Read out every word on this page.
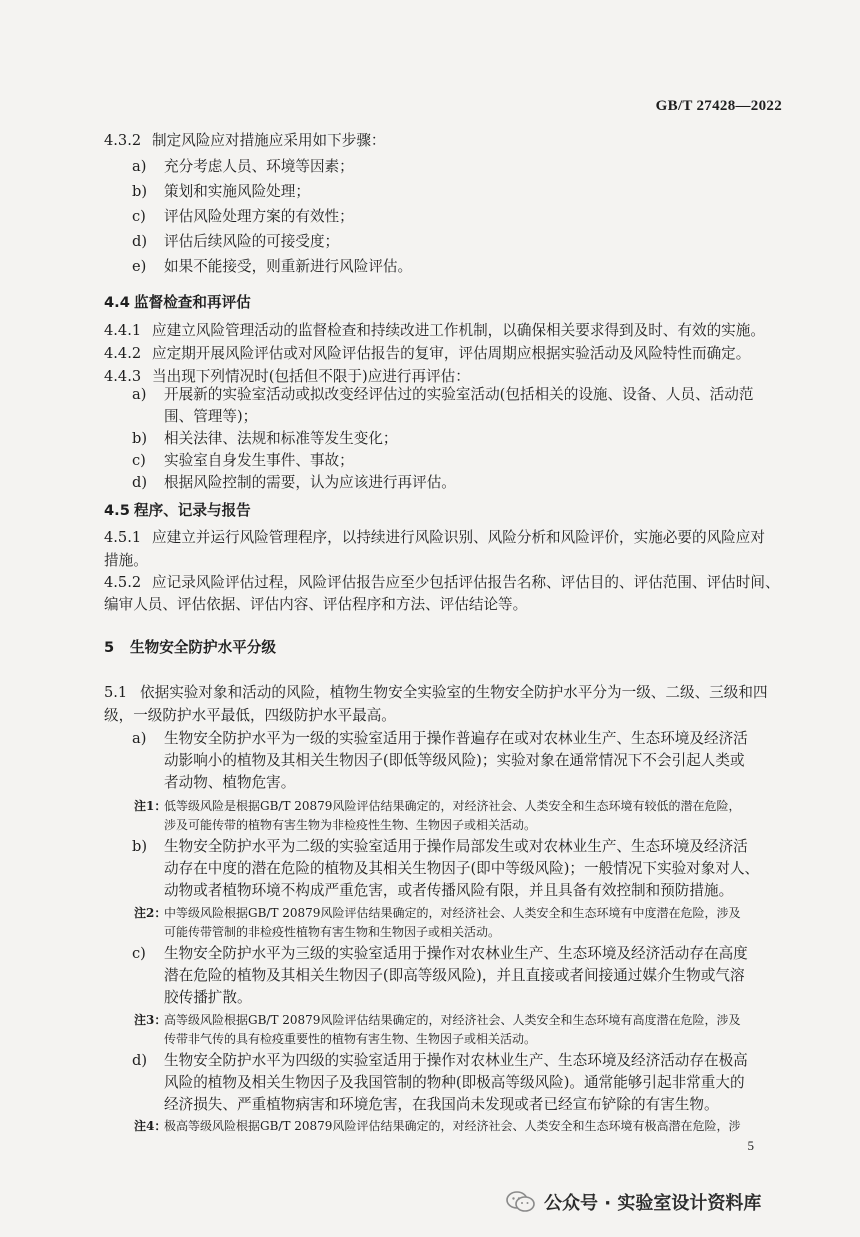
GB/T 27428—2022
4.3.2 制定风险应对措施应采用如下步骤：
a) 充分考虑人员、环境等因素；
b) 策划和实施风险处理；
c) 评估风险处理方案的有效性；
d) 评估后续风险的可接受度；
e) 如果不能接受，则重新进行风险评估。
4.4 监督检查和再评估
4.4.1 应建立风险管理活动的监督检查和持续改进工作机制，以确保相关要求得到及时、有效的实施。
4.4.2 应定期开展风险评估或对风险评估报告的复审，评估周期应根据实验活动及风险特性而确定。
4.4.3 当出现下列情况时(包括但不限于)应进行再评估：
a) 开展新的实验室活动或拟改变经评估过的实验室活动(包括相关的设施、设备、人员、活动范
围、管理等)；
b) 相关法律、法规和标准等发生变化；
c) 实验室自身发生事件、事故；
d) 根据风险控制的需要，认为应该进行再评估。
4.5 程序、记录与报告
4.5.1 应建立并运行风险管理程序，以持续进行风险识别、风险分析和风险评价，实施必要的风险应对
措施。
4.5.2 应记录风险评估过程，风险评估报告应至少包括评估报告名称、评估目的、评估范围、评估时间、
编审人员、评估依据、评估内容、评估程序和方法、评估结论等。
5 生物安全防护水平分级
5.1 依据实验对象和活动的风险，植物生物安全实验室的生物安全防护水平分为一级、二级、三级和四
级，一级防护水平最低，四级防护水平最高。
a) 生物安全防护水平为一级的实验室适用于操作普遍存在或对农林业生产、生态环境及经济活
动影响小的植物及其相关生物因子(即低等级风险)；实验对象在通常情况下不会引起人类或
者动物、植物危害。
注1：
低等级风险是根据GB/T 20879风险评估结果确定的，对经济社会、人类安全和生态环境有较低的潜在危险，
涉及可能传带的植物有害生物为非检疫性生物、生物因子或相关活动。
b) 生物安全防护水平为二级的实验室适用于操作局部发生或对农林业生产、生态环境及经济活
动存在中度的潜在危险的植物及其相关生物因子(即中等级风险)；一般情况下实验对象对人、
动物或者植物环境不构成严重危害，或者传播风险有限，并且具备有效控制和预防措施。
注2：
中等级风险根据GB/T 20879风险评估结果确定的，对经济社会、人类安全和生态环境有中度潜在危险，涉及
可能传带管制的非检疫性植物有害生物和生物因子或相关活动。
c) 生物安全防护水平为三级的实验室适用于操作对农林业生产、生态环境及经济活动存在高度
潜在危险的植物及其相关生物因子(即高等级风险)，并且直接或者间接通过媒介生物或气溶
胶传播扩散。
注3：
高等级风险根据GB/T 20879风险评估结果确定的，对经济社会、人类安全和生态环境有高度潜在危险，涉及
传带非气传的具有检疫重要性的植物有害生物、生物因子或相关活动。
d) 生物安全防护水平为四级的实验室适用于操作对农林业生产、生态环境及经济活动存在极高
风险的植物及相关生物因子及我国管制的物种(即极高等级风险)。通常能够引起非常重大的
经济损失、严重植物病害和环境危害，在我国尚未发现或者已经宣布铲除的有害生物。
注4：
极高等级风险根据GB/T 20879风险评估结果确定的，对经济社会、人类安全和生态环境有极高潜在危险，涉
5
公众号 · 实验室设计资料库
